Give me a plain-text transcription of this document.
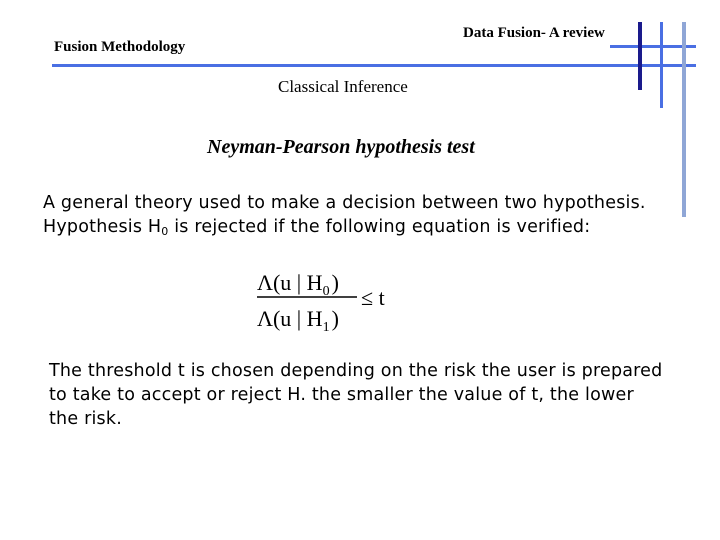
Fusion Methodology
Data Fusion- A review
Classical Inference
Neyman-Pearson hypothesis test
A general theory used to make a decision between two hypothesis.
Hypothesis $H_0$ is rejected if the following equation is verified:
Λ(u | $H_0$)
Λ(u | $H_1$)
≤ t
The threshold t is chosen depending on the risk the user is prepared
to take to accept or reject H. the smaller the value of t, the lower
the risk.
